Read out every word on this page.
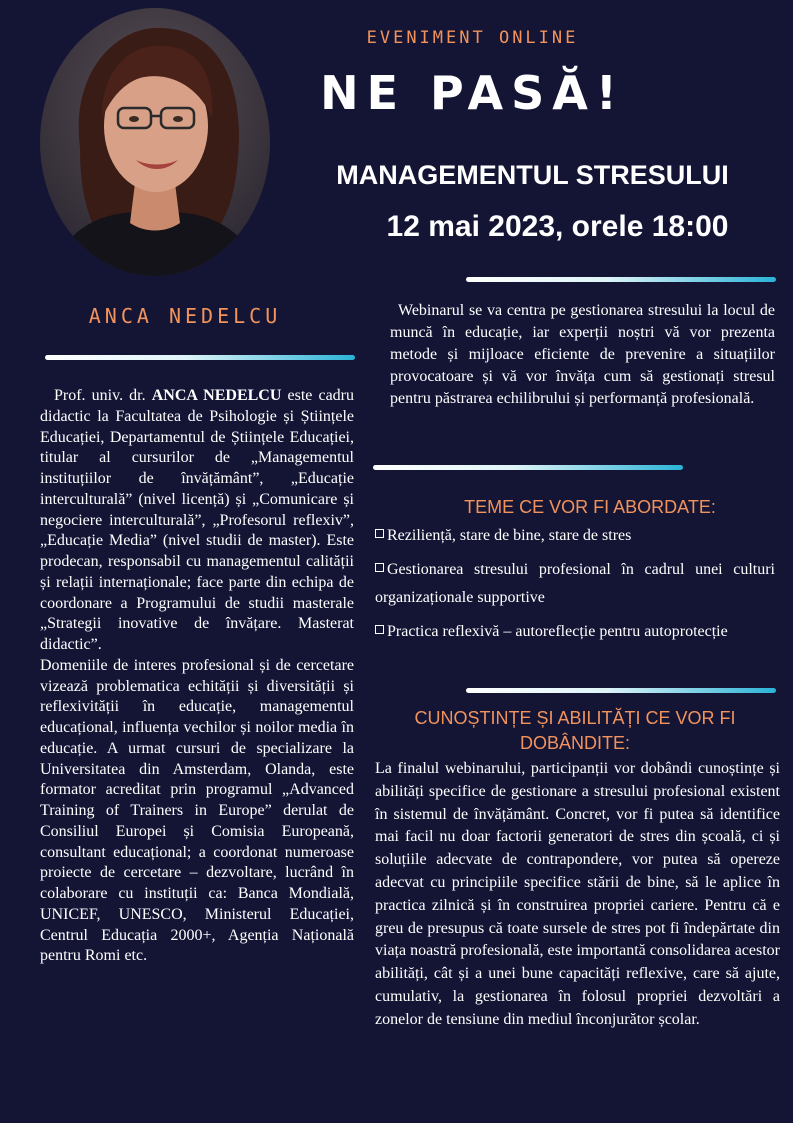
EVENIMENT ONLINE
NE PASĂ!
MANAGEMENTUL STRESULUI
12 mai 2023, orele 18:00
ANCA NEDELCU

Prof. univ. dr. ANCA NEDELCU este cadru didactic la Facultatea de Psihologie și Științele Educației, Departamentul de Științele Educației, titular al cursurilor de „Managementul instituțiilor de învățământ”, „Educație interculturală” (nivel licență) și „Comunicare și negociere interculturală”, „Profesorul reflexiv”, „Educație Media” (nivel studii de master). Este prodecan, responsabil cu managementul calității și relații internaționale; face parte din echipa de coordonare a Programului de studii masterale „Strategii inovative de învățare. Masterat didactic”.

Domeniile de interes profesional și de cercetare vizează problematica echității și diversității și reflexivității în educație, managementul educațional, influența vechilor și noilor media în educație. A urmat cursuri de specializare la Universitatea din Amsterdam, Olanda, este formator acreditat prin programul „Advanced Training of Trainers in Europe” derulat de Consiliul Europei și Comisia Europeană, consultant educațional; a coordonat numeroase proiecte de cercetare – dezvoltare, lucrând în colaborare cu instituții ca: Banca Mondială, UNICEF, UNESCO, Ministerul Educației, Centrul Educația 2000+, Agenția Națională pentru Romi etc.

Webinarul se va centra pe gestionarea stresului la locul de muncă în educație, iar experții noștri vă vor prezenta metode și mijloace eficiente de prevenire a situațiilor provocatoare și vă vor învăța cum să gestionați stresul pentru păstrarea echilibrului și performanță profesională.
TEME CE VOR FI ABORDATE:
Reziliență, stare de bine, stare de stres
Gestionarea stresului profesional în cadrul unei culturi organizaționale supportive
Practica reflexivă – autoreflecție pentru autoprotecție
CUNOȘTINȚE ȘI ABILITĂȚI CE VOR FI DOBÂNDITE:
La finalul webinarului, participanții vor dobândi cunoștințe și abilități specifice de gestionare a stresului profesional existent în sistemul de învățământ. Concret, vor fi putea să identifice mai facil nu doar factorii generatori de stres din școală, ci și soluțiile adecvate de contrapondere, vor putea să opereze adecvat cu principiile specifice stării de bine, să le aplice în practica zilnică și în construirea propriei cariere. Pentru că e greu de presupus că toate sursele de stres pot fi îndepărtate din viața noastră profesională, este importantă consolidarea acestor abilități, cât și a unei bune capacități reflexive, care să ajute, cumulativ, la gestionarea în folosul propriei dezvoltări a zonelor de tensiune din mediul înconjurător școlar.
